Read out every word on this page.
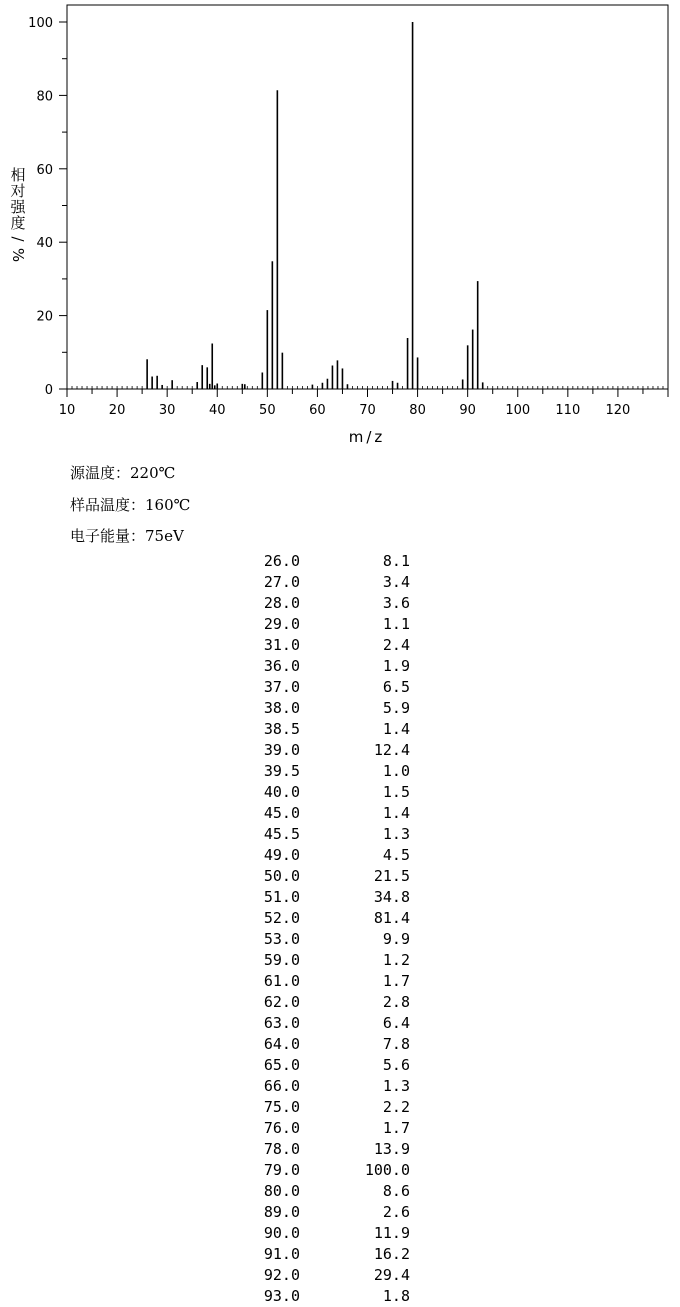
10	20	30	40	50	60	70	80	90 100 110 120
0
20
40
60
80
100
m/z
相
对
强
度
/
%
源温度：220℃
样品温度：160℃
电子能量：75eV
26.0	8.1
27.0	3.4
28.0	3.6
29.0	1.1
31.0	2.4
36.0	1.9
37.0	6.5
38.0	5.9
38.5	1.4
39.0	12.4
39.5	1.0
40.0	1.5
45.0	1.4
45.5	1.3
49.0	4.5
50.0	21.5
51.0	34.8
52.0	81.4
53.0	9.9
59.0	1.2
61.0	1.7
62.0	2.8
63.0	6.4
64.0	7.8
65.0	5.6
66.0	1.3
75.0	2.2
76.0	1.7
78.0	13.9
79.0	100.0
80.0	8.6
89.0	2.6
90.0	11.9
91.0	16.2
92.0	29.4
93.0	1.8
